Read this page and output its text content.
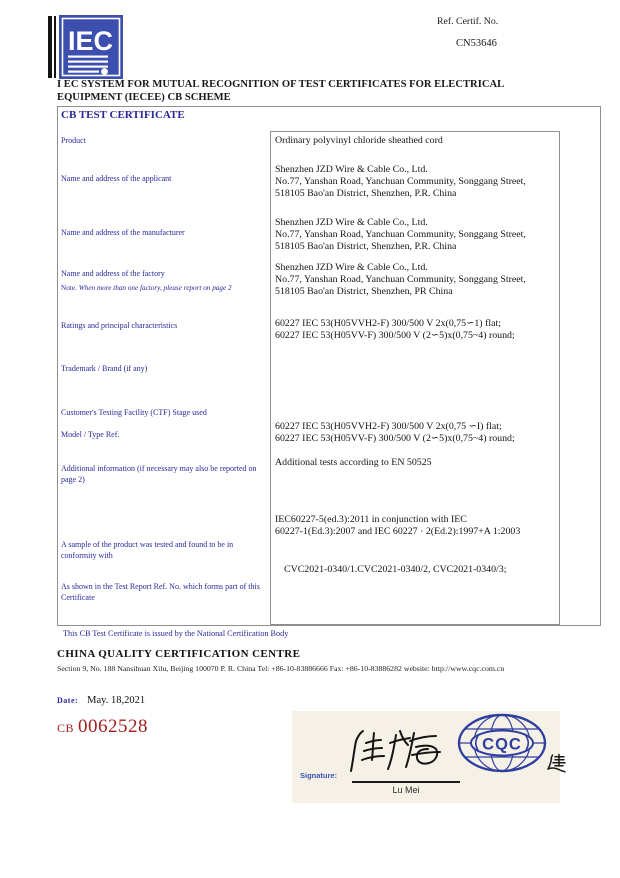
IEC
Ref. Certif. No.
CN53646
I EC SYSTEM FOR MUTUAL RECOGNITION OF TEST CERTIFICATES FOR ELECTRICAL EQUIPMENT (IECEE) CB SCHEME
CB TEST CERTIFICATE
Product	Ordinary polyvinyl chloride sheathed cord
Name and address of the applicant
Shenzhen JZD Wire & Cable Co., Ltd.
No.77, Yanshan Road, Yanchuan Community, Songgang Street,
518105 Bao'an District, Shenzhen, P.R. China
Name and address of the manufacturer
Shenzhen JZD Wire & Cable Co., Ltd.
No.77, Yanshan Road, Yanchuan Community, Songgang Street,
518105 Bao'an District, Shenzhen, P.R. China
Name and address of the factory
Note. When more than one factory, please report on page 2
Shenzhen JZD Wire & Cable Co., Ltd.
No.77, Yanshan Road, Yanchuan Community, Songgang Street,
518105 Bao'an District, Shenzhen, PR China
Ratings and principal characteristics	60227 IEC 53(H05VVH2-F) 300/500 V 2x(0,75∽1) flat;
60227 IEC 53(H05VV-F) 300/500 V (2∽5)x(0,75~4) round;
Trademark / Brand (if any)
Customer's Testing Facility (CTF) Stage used
Model / Type Ref.
60227 IEC 53(H05VVH2-F) 300/500 V 2x(0,75 ∽I) flat;
60227 IEC 53(H05VV-F) 300/500 V (2∽5)x(0,75~4) round;
Additional information (if necessary may also be reported on page 2)
Additional tests according to EN 50525
A sample of the product was tested and found to be in conformity with
IEC60227-5(ed.3):2011 in conjunction with IEC
60227-1(Ed.3):2007 and IEC 60227 · 2(Ed.2):1997+A 1:2003
As shown in the Test Report Ref. No. which forms part of this Certificate
CVC2021-0340/1.CVC2021-0340/2, CVC2021-0340/3;
This CB Test Certificate is issued by the National Certification Body
CHINA QUALITY CERTIFICATION CENTRE
Section 9, No. 188 Nansihuan Xilu, Beijing 100070 P. R. China Tel: +86-10-83886666 Fax: +86-10-83886282 website: http://www.cqc.com.cn
Date: May. 18,2021
CB 0062528
CQC
Signature:
Lu Mei
